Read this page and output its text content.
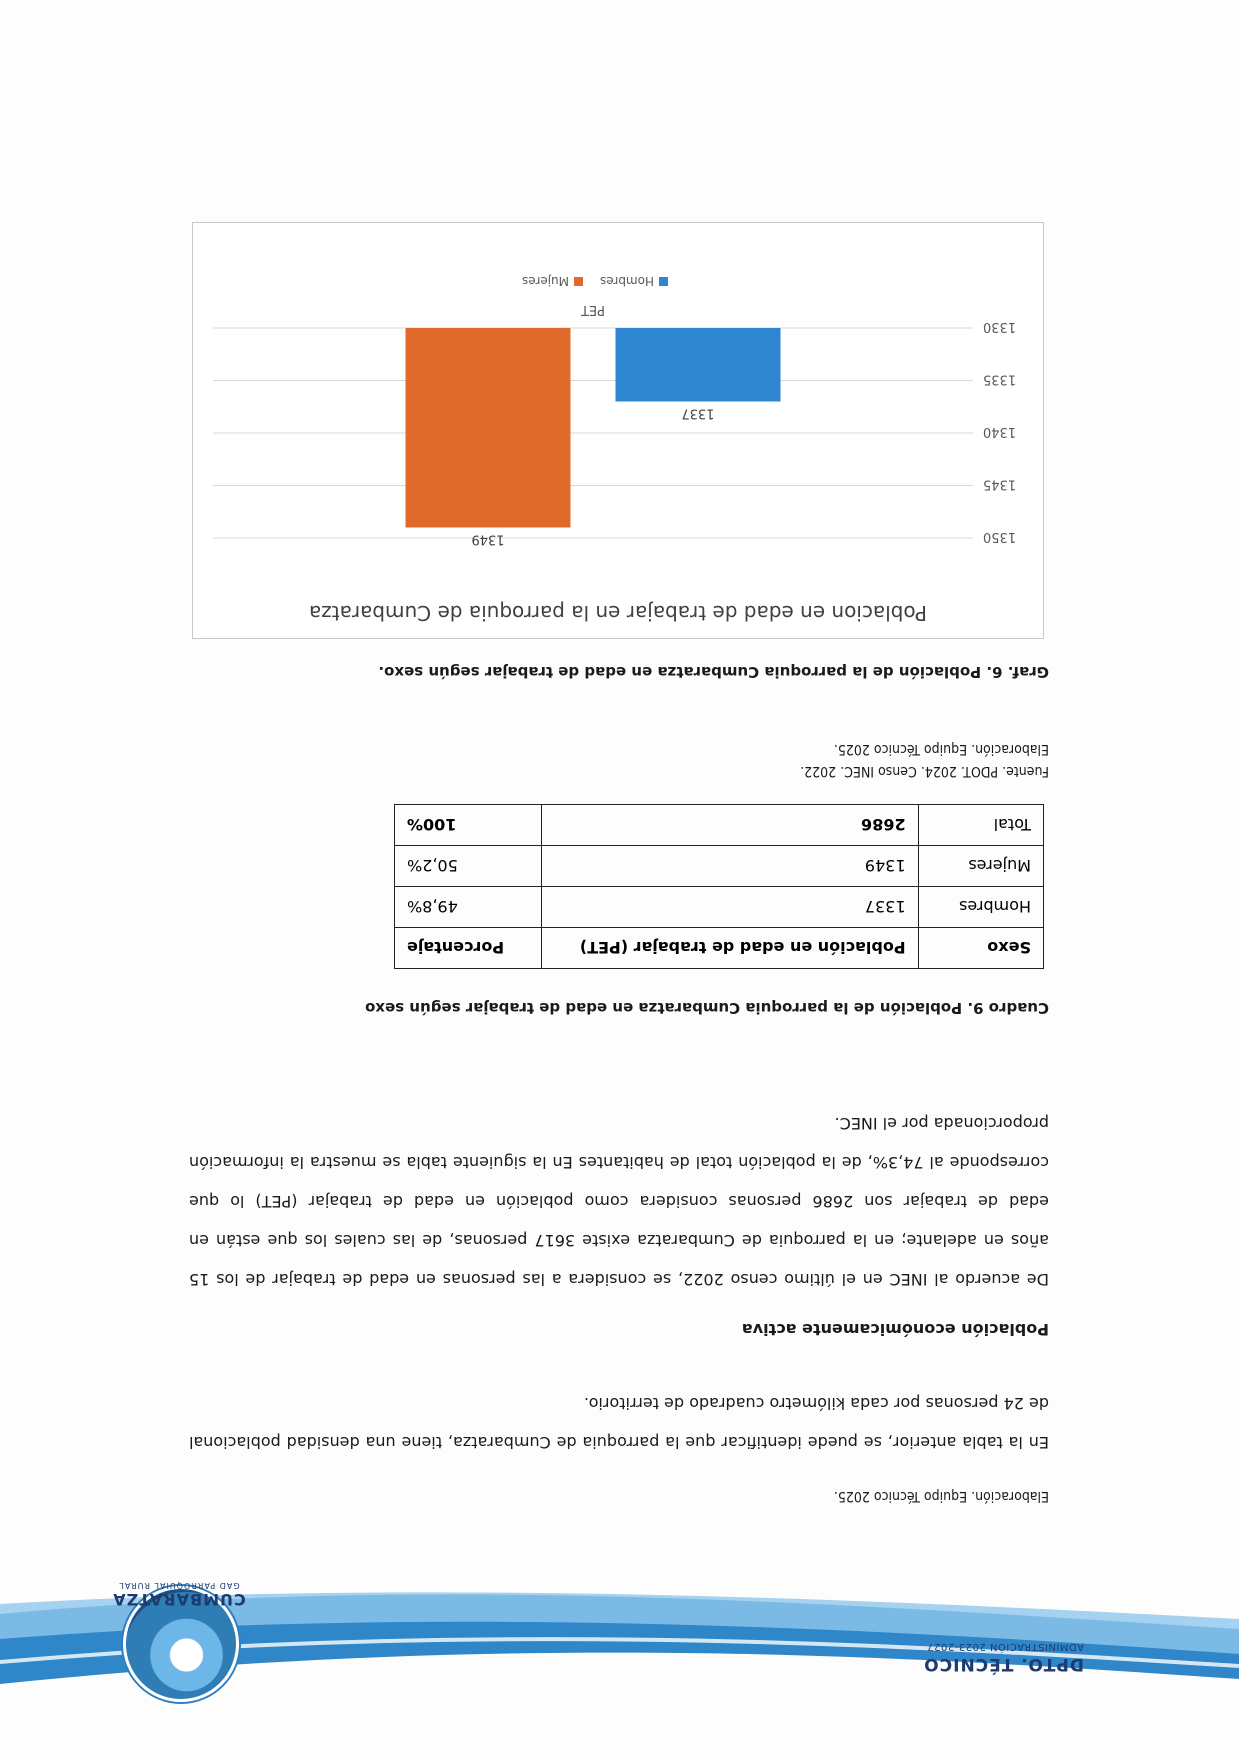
DPTO. TÉCNICO
ADMINISTRACIÓN 2023-2027
CUMBARATZA
GAD PARROQUIAL RURAL
Elaboración. Equipo Técnico 2025.
En la tabla anterior, se puede identificar que la parroquia de Cumbaratza, tiene una densidad poblacional de 24 personas por cada kilómetro cuadrado de territorio.
Población económicamente activa
De acuerdo al INEC en el último censo 2022, se considera a las personas en edad de trabajar de los 15 años en adelante; en la parroquia de Cumbaratza existe 3617 personas, de las cuales los que están en edad de trabajar son 2686 personas considera como población en edad de trabajar (PET) lo que corresponde al 74,3%, de la población total de habitantes En la siguiente tabla se muestra la información proporcionada por el INEC.
Cuadro 9. Población de la parroquia Cumbaratza en edad de trabajar según sexo
Sexo	Población en edad de trabajar (PET)	Porcentaje
Hombres	1337	49,8%
Mujeres	1349	50,2%
Total	2686	100%
Fuente. PDOT. 2024. Censo INEC. 2022.
Elaboración. Equipo Técnico 2025.
Graf. 6. Población de la parroquia Cumbaratza en edad de trabajar según sexo.
Poblacion en edad de trabajar en la parroquia de Cumbaratza
1330
1335
1340
1345
1350
1337
1349
PET
Hombres
Mujeres
